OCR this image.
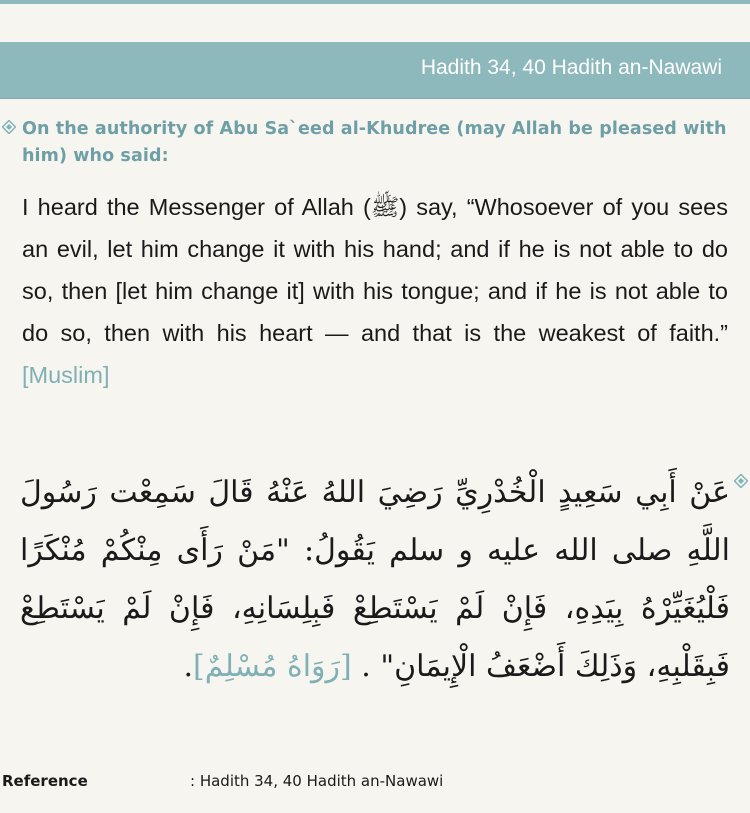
Hadith 34, 40 Hadith an-Nawawi
On the authority of Abu Sa`eed al-Khudree (may Allah be pleased with him) who said:
I heard the Messenger of Allah (ﷺ) say, “Whosoever of you sees an evil, let him change it with his hand; and if he is not able to do so, then [let him change it] with his tongue; and if he is not able to do so, then with his heart — and that is the weakest of faith.” [Muslim]
عَنْ أَبِي سَعِيدٍ الْخُدْرِيِّ رَضِيَ اللهُ عَنْهُ قَالَ سَمِعْت رَسُولَ اللَّهِ صلى الله عليه و سلم يَقُولُ: "مَنْ رَأَى مِنْكُمْ مُنْكَرًا فَلْيُغَيِّرْهُ بِيَدِهِ، فَإِنْ لَمْ يَسْتَطِعْ فَبِلِسَانِهِ، فَإِنْ لَمْ يَسْتَطِعْ فَبِقَلْبِهِ، وَذَلِكَ أَضْعَفُ الْإِيمَانِ" . [رَوَاهُ مُسْلِمٌ].
Reference	: Hadith 34, 40 Hadith an-Nawawi
